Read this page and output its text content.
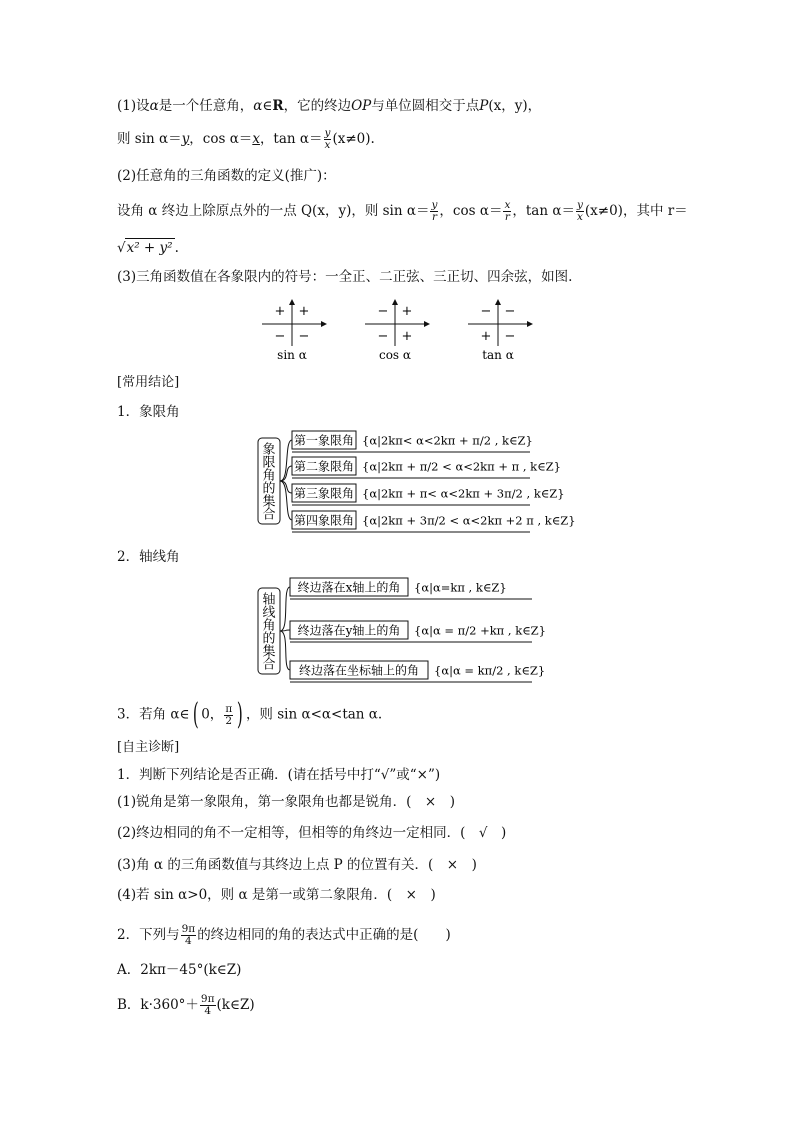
(1)设α是一个任意角，α∈R，它的终边OP与单位圆相交于点P(x，y)，
则 sin α＝y，cos α＝x，$\tan \alpha= \frac{y}{x} (x\ne 0)$.
(2)任意角的三角函数的定义(推广)：
设角 α 终边上除原点外的一点 Q(x，y)，则 $\sin \alpha= \frac{y}{r}$ ，$\cos \alpha= \frac{x}{r}$ ，$\tan \alpha= \frac{y}{x} (x\ne 0)$，其中 r＝
√x² + y² .
(3)三角函数值在各象限内的符号：一全正、二正弦、三正切、四余弦，如图.
+
+
− −
sin α
+
−
− +
cos α
−
−
+ −
tan α
[常用结论]
1．象限角
象
限
角
的
集
合
第一象限角 {α|2kπ< α<2kπ + π/2 , k∈Z}
第二象限角 {α|2kπ + π/2 < α<2kπ + π , k∈Z}
第三象限角 {α|2kπ + π< α<2kπ + 3π/2 , k∈Z}
第四象限角 {α|2kπ + 3π/2 < α<2kπ +2 π , k∈Z}
2．轴线角
轴
线
角
的
集
合
终边落在x轴上的角 {α|α=kπ , k∈Z}
终边落在y轴上的角 {α|α = π/2 +kπ , k∈Z}
终边落在坐标轴上的角 {α|α = kπ/2 , k∈Z}
3．若角 α∈( 0， $\frac{\pi}{2}$ ) ，则 sin α<α<tan α.
[自主诊断]
1．判断下列结论是否正确．(请在括号中打“√”或“×”)
(1)锐角是第一象限角，第一象限角也都是锐角．(　×　)
(2)终边相同的角不一定相等，但相等的角终边一定相同．(　√　)
(3)角 α 的三角函数值与其终边上点 P 的位置有关．(　×　)
(4)若 sin α>0，则 α 是第一或第二象限角．(　×　)
2．下列与 $\frac{9\pi}{4}$ 的终边相同的角的表达式中正确的是(　　)
A．2kπ－45°(k∈Z)
B．$k\cdot 360^\circ+ \frac{9\pi}{4}$ (k∈Z)
